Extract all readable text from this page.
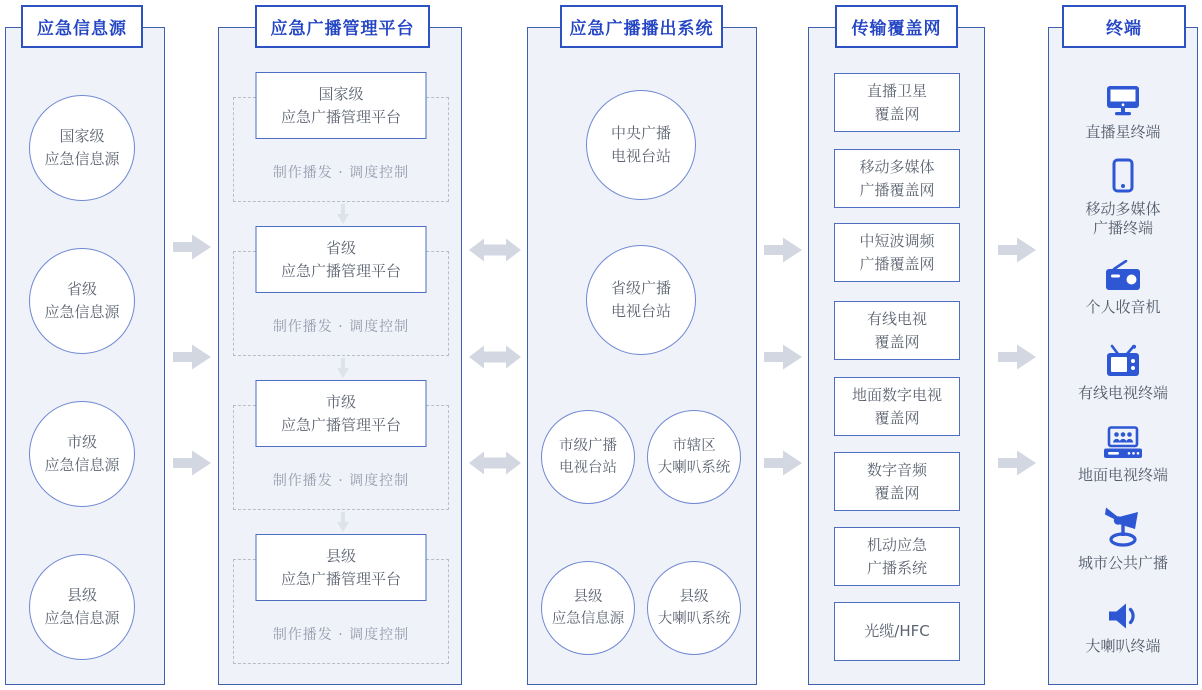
应急信息源
国家级
应急信息源
省级
应急信息源
市级
应急信息源
县级
应急信息源
应急广播管理平台
国家级
应急广播管理平台
制作播发 · 调度控制
省级
应急广播管理平台
制作播发 · 调度控制
市级
应急广播管理平台
制作播发 · 调度控制
县级
应急广播管理平台
制作播发 · 调度控制
应急广播播出系统
中央广播
电视台站
省级广播
电视台站
市级广播
电视台站
市辖区
大喇叭系统
县级
应急信息源
县级
大喇叭系统
传输覆盖网
直播卫星
覆盖网
移动多媒体
广播覆盖网
中短波调频
广播覆盖网
有线电视
覆盖网
地面数字电视
覆盖网
数字音频
覆盖网
机动应急
广播系统
光缆/HFC
终端
直播星终端
移动多媒体
广播终端
个人收音机
有线电视终端
地面电视终端
城市公共广播
大喇叭终端
